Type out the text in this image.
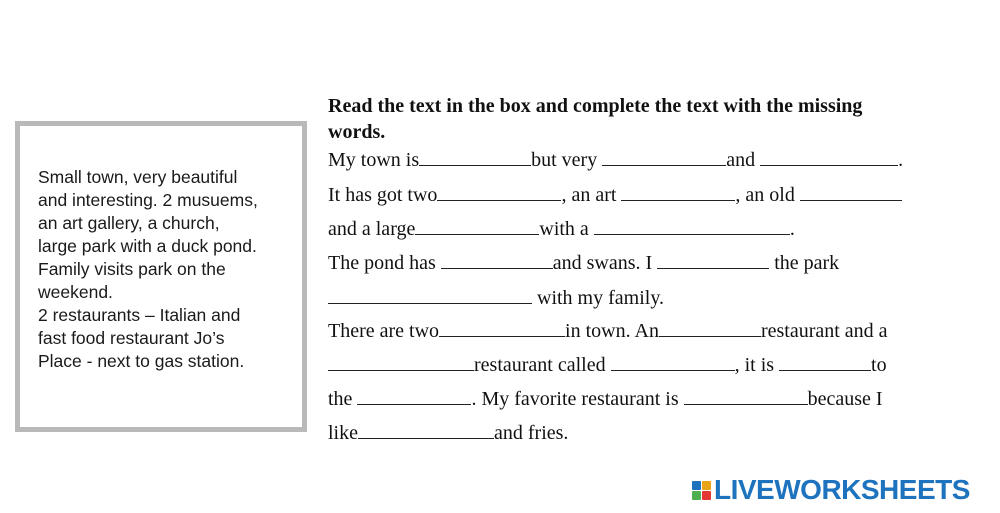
Small town, very beautiful
and interesting. 2 musuems,
an art gallery, a church,
large park with a duck pond.
Family visits park on the
weekend.
2 restaurants – Italian and
fast food restaurant Jo’s
Place - next to gas station.
Read the text in the box and complete the text with the missing
words.
My town is	but very	and	.
It has got two	, an art	, an old
and a large	with a	.
The pond has	and swans. I	the park
with my family.
There are two	in town. An	restaurant and a
restaurant called	, it is	to
the	. My favorite restaurant is	because I
like	and fries.
LIVEWORKSHEETS
